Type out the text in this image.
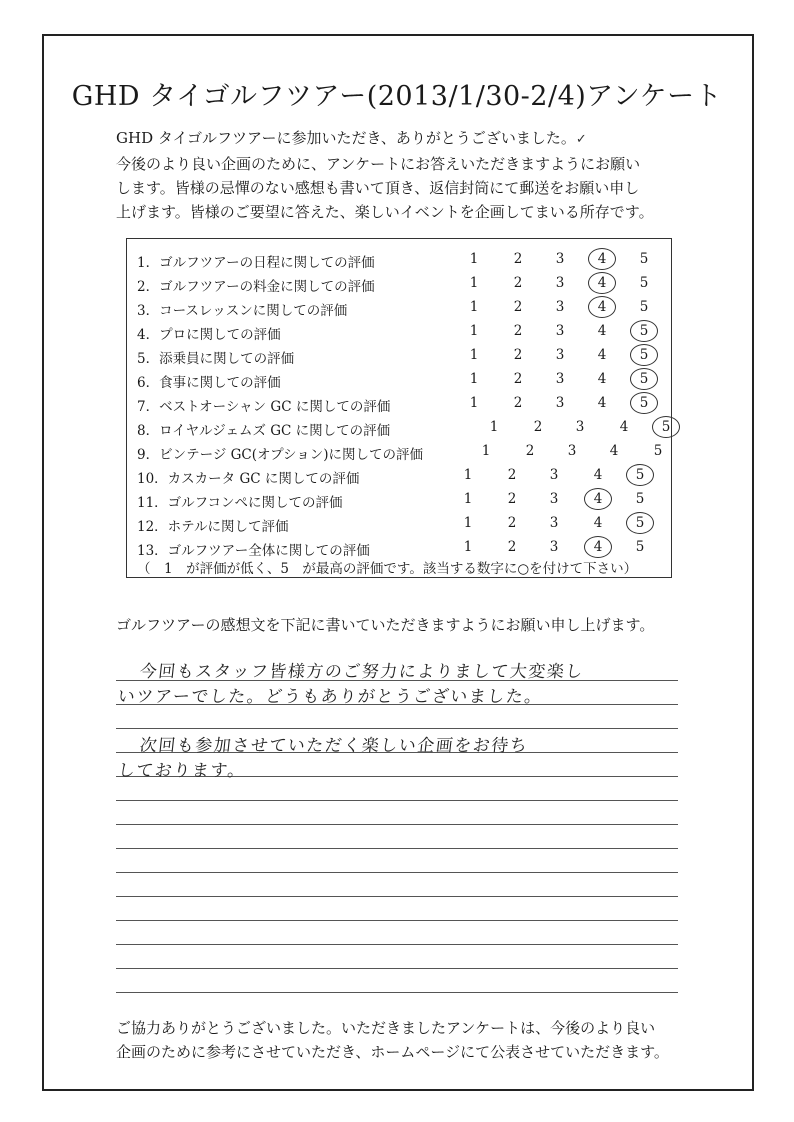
GHD タイゴルフツアー(2013/1/30-2/4)アンケート
GHD タイゴルフツアーに参加いただき、ありがとうございました。✓
今後のより良い企画のために、アンケートにお答えいただきますようにお願い
します。皆様の忌憚のない感想も書いて頂き、返信封筒にて郵送をお願い申し
上げます。皆様のご要望に答えた、楽しいイベントを企画してまいる所存です。
1．ゴルフツアーの日程に関しての評価	1	2 3 4 5
2．ゴルフツアーの料金に関しての評価	1	2 3 4 5
3．コースレッスンに関しての評価	1	2 3 4 5
4．プロに関しての評価	1	2 3 4 5
5．添乗員に関しての評価	1	2 3 4 5
6．食事に関しての評価	1	2 3 4 5
7．ベストオーシャン GC に関しての評価	1	2 3 4 5
8．ロイヤルジェムズ GC に関しての評価	1	2 3	4 5
9．ビンテージ GC(オプション)に関しての評価	1	2 3 4	5
10．カスカータ GC に関しての評価	1	2 3	4 5
11．ゴルフコンペに関しての評価	1	2 3	4 5
12．ホテルに関して評価	1	2 3	4 5
13．ゴルフツアー全体に関しての評価	1	2 3	4 5
（　1　が評価が低く、5　が最高の評価です。該当する数字に○を付けて下さい）
ゴルフツアーの感想文を下記に書いていただきますようにお願い申し上げます。
今回もスタッフ皆様方のご努力によりまして大変楽し
いツアーでした。どうもありがとうございました。
次回も参加させていただく楽しい企画をお待ち
しております。
ご協力ありがとうございました。いただきましたアンケートは、今後のより良い
企画のために参考にさせていただき、ホームページにて公表させていただきます。
